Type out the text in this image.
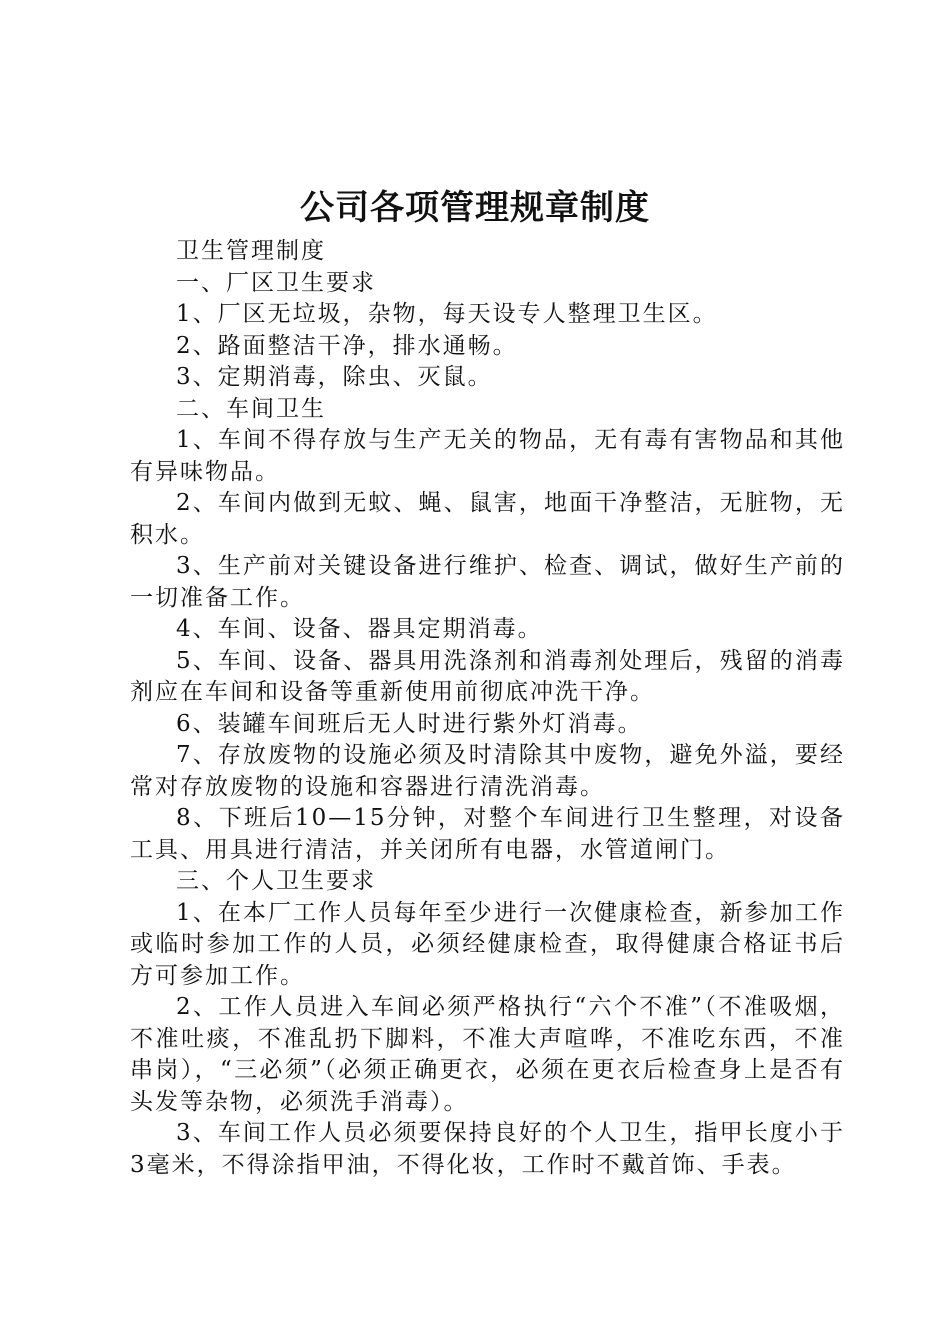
公司各项管理规章制度

卫生管理制度

一、厂区卫生要求

1、厂区无垃圾，杂物，每天设专人整理卫生区。

2、路面整洁干净，排水通畅。

3、定期消毒，除虫、灭鼠。

二、车间卫生

1、车间不得存放与生产无关的物品，无有毒有害物品和其他有异味物品。

2、车间内做到无蚊、蝇、鼠害，地面干净整洁，无脏物，无积水。

3、生产前对关键设备进行维护、检查、调试，做好生产前的一切准备工作。

4、车间、设备、器具定期消毒。

5、车间、设备、器具用洗涤剂和消毒剂处理后，残留的消毒剂应在车间和设备等重新使用前彻底冲洗干净。

6、装罐车间班后无人时进行紫外灯消毒。

7、存放废物的设施必须及时清除其中废物，避免外溢，要经常对存放废物的设施和容器进行清洗消毒。

8、下班后10—15分钟，对整个车间进行卫生整理，对设备工具、用具进行清洁，并关闭所有电器，水管道闸门。

三、个人卫生要求

1、在本厂工作人员每年至少进行一次健康检查，新参加工作或临时参加工作的人员，必须经健康检查，取得健康合格证书后方可参加工作。

2、工作人员进入车间必须严格执行“六个不准”（不准吸烟，不准吐痰，不准乱扔下脚料，不准大声喧哗，不准吃东西，不准串岗），“三必须”（必须正确更衣，必须在更衣后检查身上是否有头发等杂物，必须洗手消毒）。

3、车间工作人员必须要保持良好的个人卫生，指甲长度小于3毫米，不得涂指甲油，不得化妆，工作时不戴首饰、手表。
